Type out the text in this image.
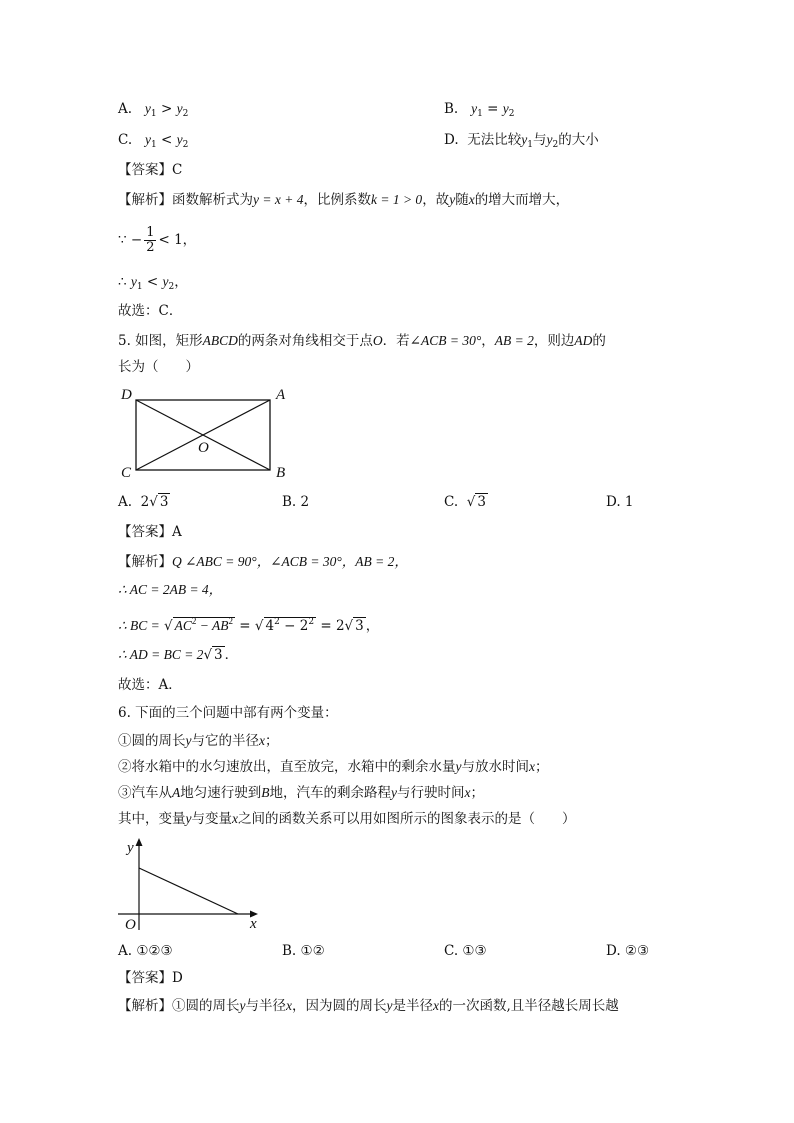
A. $y_1 > y_2$	B. $y_1 = y_2$
C. $y_1 < y_2$	D. 无法比较$y_1$与$y_2$的大小
【答案】C
【解析】函数解析式为y = x + 4，比例系数k = 1 > 0，故y随x的增大而增大，
∵ − $\frac{1}{2} < 1$，
∴ $y_1 < y_2$，
故选：C．
5. 如图，矩形ABCD的两条对角线相交于点O．若∠ACB = 30°，AB = 2，则边AD的
长为（　　）
D	A
C	B
O
A. 2√ 3	B. 2	C.  √ 3	D. 1
【答案】A
【解析】Q ∠ABC = 90°，∠ACB = 30°，AB = 2，
∴ AC = 2AB = 4，
∴ BC = √ $AC^2 - AB^2$ = √ $4^2 - 2^2 = 2√$ 3 ，
∴ AD = BC = 2√ 3 ．
故选：A．
6. 下面的三个问题中部有两个变量：
①圆的周长y与它的半径x；
②将水箱中的水匀速放出，直至放完，水箱中的剩余水量y与放水时间x；
③汽车从A地匀速行驶到B地，汽车的剩余路程y与行驶时间x；
其中，变量y与变量x之间的函数关系可以用如图所示的图象表示的是（　　）
y
x
O
A. ①②③	B. ①②	C. ①③	D. ②③
【答案】D
【解析】①圆的周长y与半径x，因为圆的周长y是半径x的一次函数,且半径越长周长越
